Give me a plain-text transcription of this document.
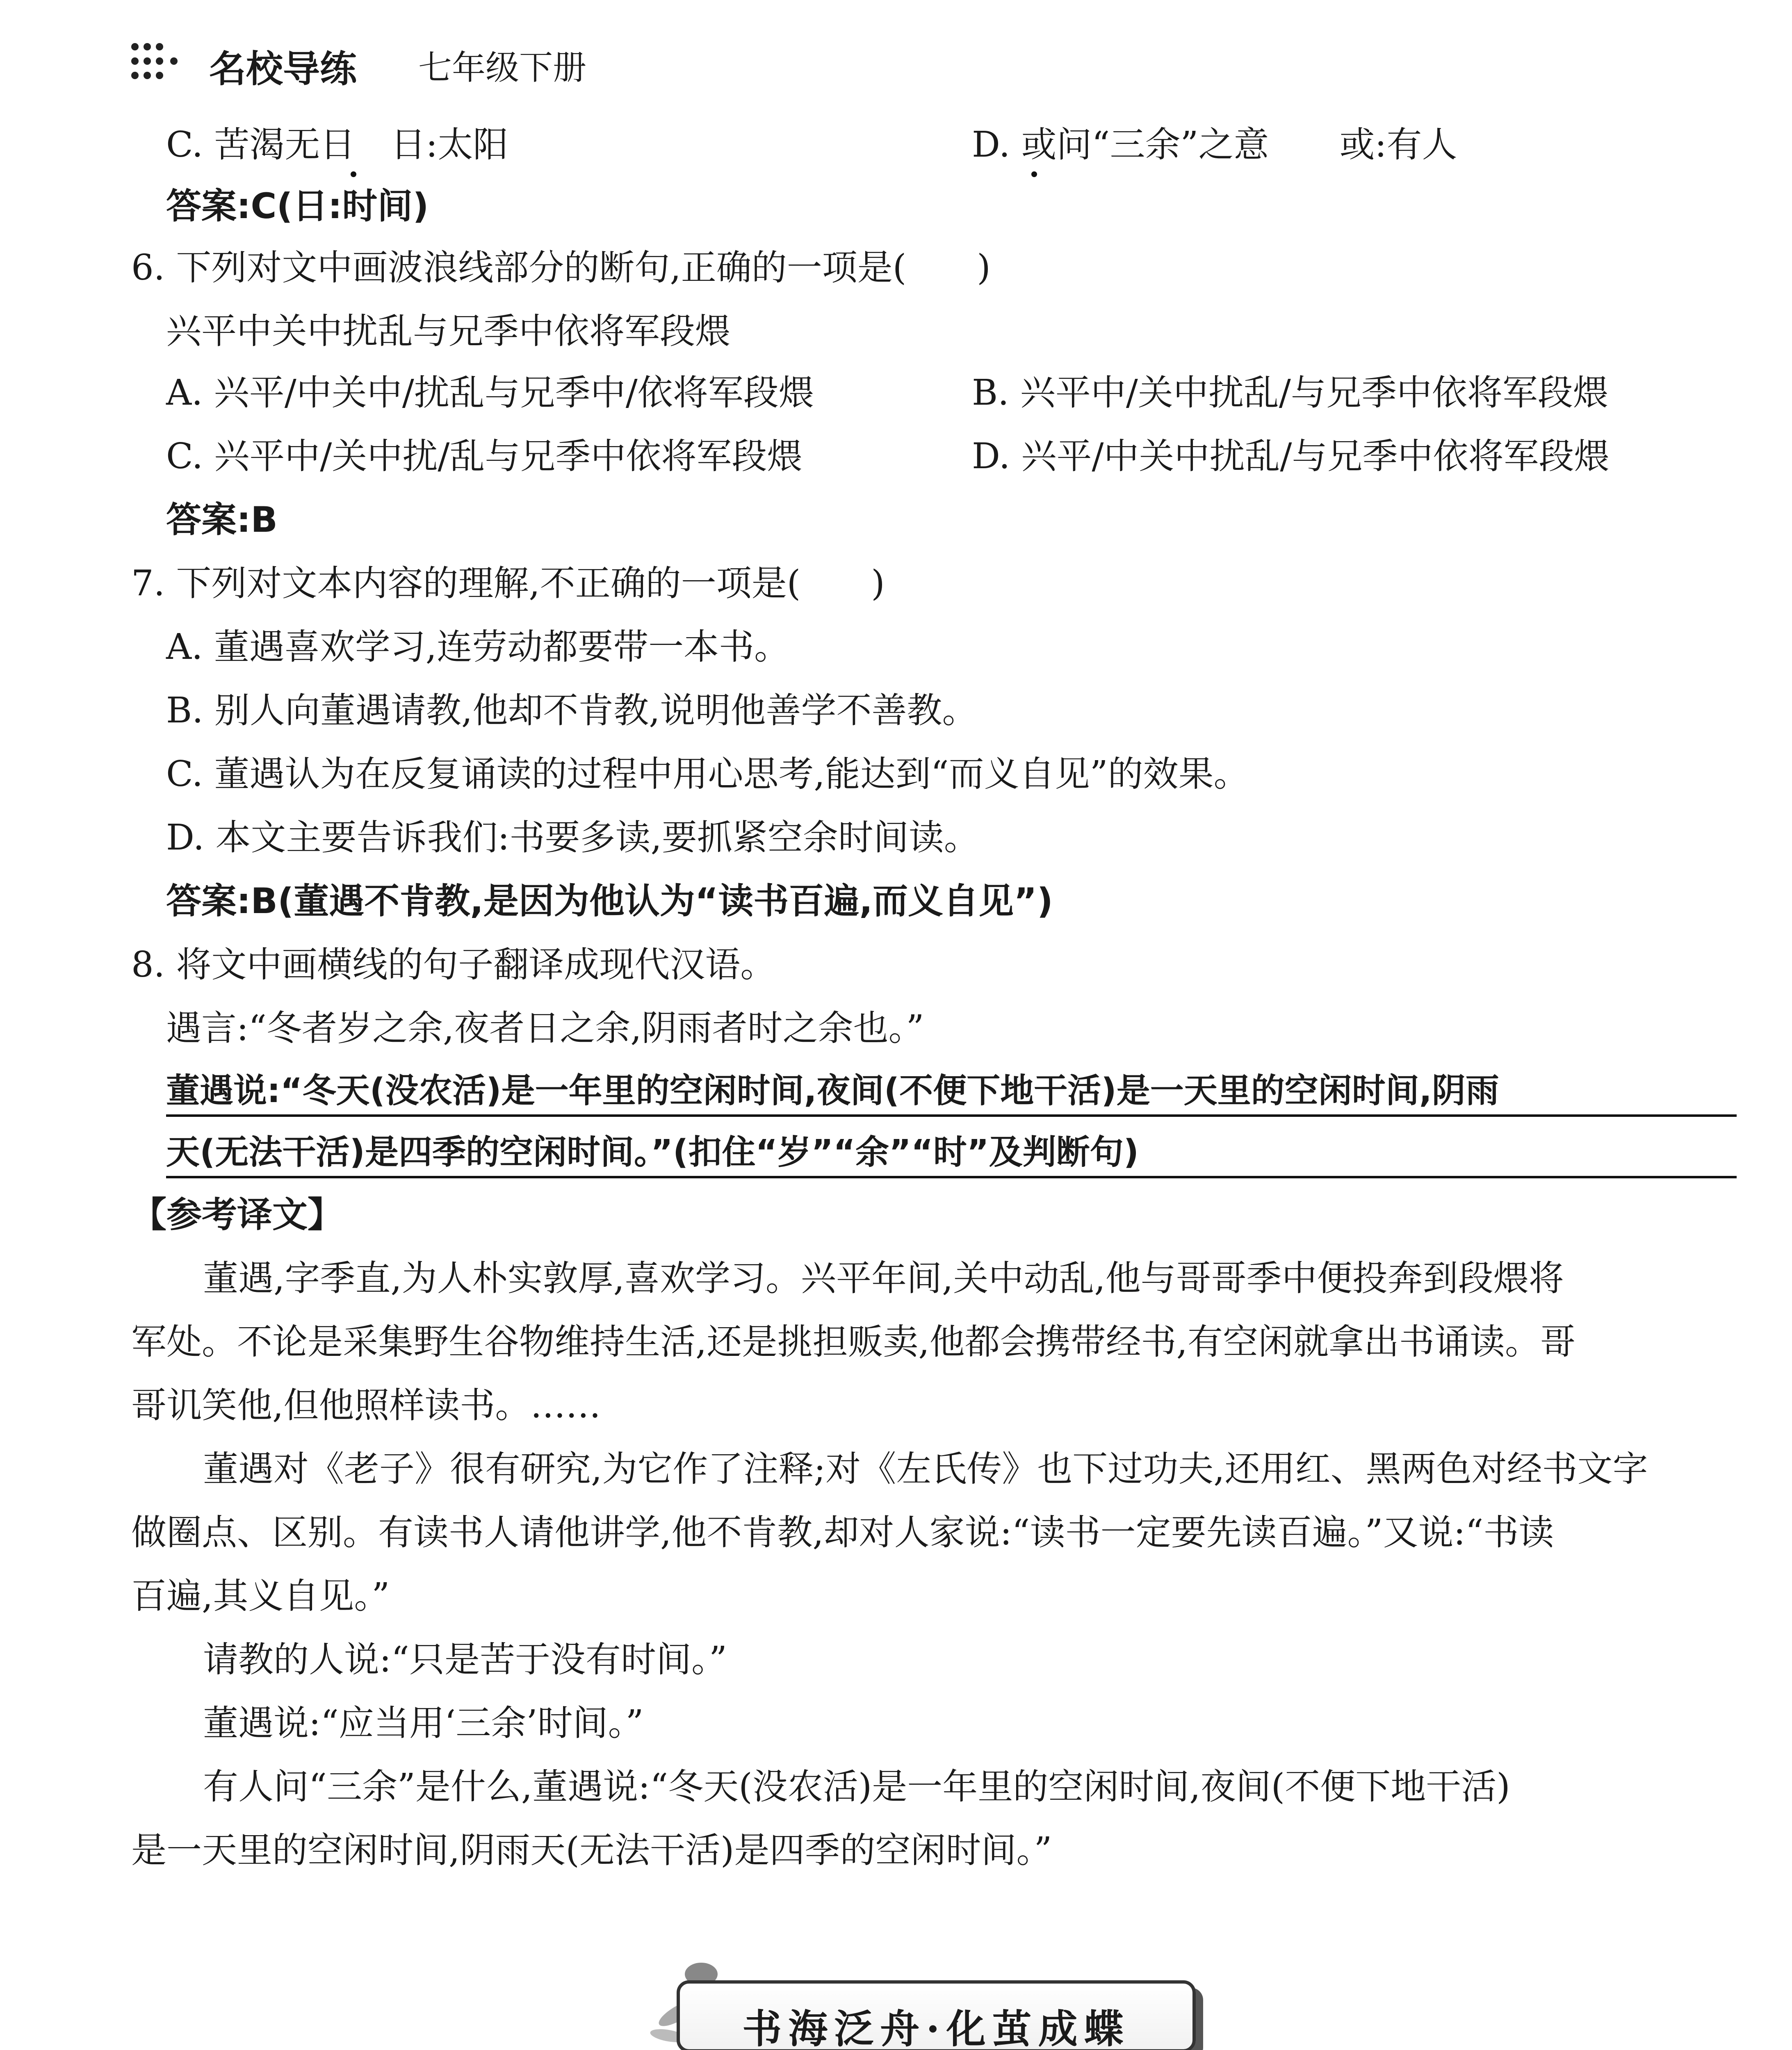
名校导练 七年级下册
C. 苦渴无日　日:太阳	D. 或问“三余”之意　　或:有人
答案:C(日:时间)
6. 下列对文中画波浪线部分的断句,正确的一项是(　　)
兴平中关中扰乱与兄季中依将军段煨
A. 兴平/中关中/扰乱与兄季中/依将军段煨	B. 兴平中/关中扰乱/与兄季中依将军段煨
C. 兴平中/关中扰/乱与兄季中依将军段煨	D. 兴平/中关中扰乱/与兄季中依将军段煨
答案:B
7. 下列对文本内容的理解,不正确的一项是(　　)
A. 董遇喜欢学习,连劳动都要带一本书。
B. 别人向董遇请教,他却不肯教,说明他善学不善教。
C. 董遇认为在反复诵读的过程中用心思考,能达到“而义自见”的效果。
D. 本文主要告诉我们:书要多读,要抓紧空余时间读。
答案:B(董遇不肯教,是因为他认为“读书百遍,而义自见”)
8. 将文中画横线的句子翻译成现代汉语。
遇言:“冬者岁之余,夜者日之余,阴雨者时之余也。”
董遇说:“冬天(没农活)是一年里的空闲时间,夜间(不便下地干活)是一天里的空闲时间,阴雨
天(无法干活)是四季的空闲时间。”(扣住“岁”“余”“时”及判断句)
【参考译文】
董遇,字季直,为人朴实敦厚,喜欢学习。兴平年间,关中动乱,他与哥哥季中便投奔到段煨将
军处。不论是采集野生谷物维持生活,还是挑担贩卖,他都会携带经书,有空闲就拿出书诵读。哥
哥讥笑他,但他照样读书。……
董遇对《老子》很有研究,为它作了注释;对《左氏传》也下过功夫,还用红、黑两色对经书文字
做圈点、区别。有读书人请他讲学,他不肯教,却对人家说:“读书一定要先读百遍。”又说:“书读
百遍,其义自见。”
请教的人说:“只是苦于没有时间。”
董遇说:“应当用‘三余’时间。”
有人问“三余”是什么,董遇说:“冬天(没农活)是一年里的空闲时间,夜间(不便下地干活)
是一天里的空闲时间,阴雨天(无法干活)是四季的空闲时间。”
书海泛舟·化茧成蝶
